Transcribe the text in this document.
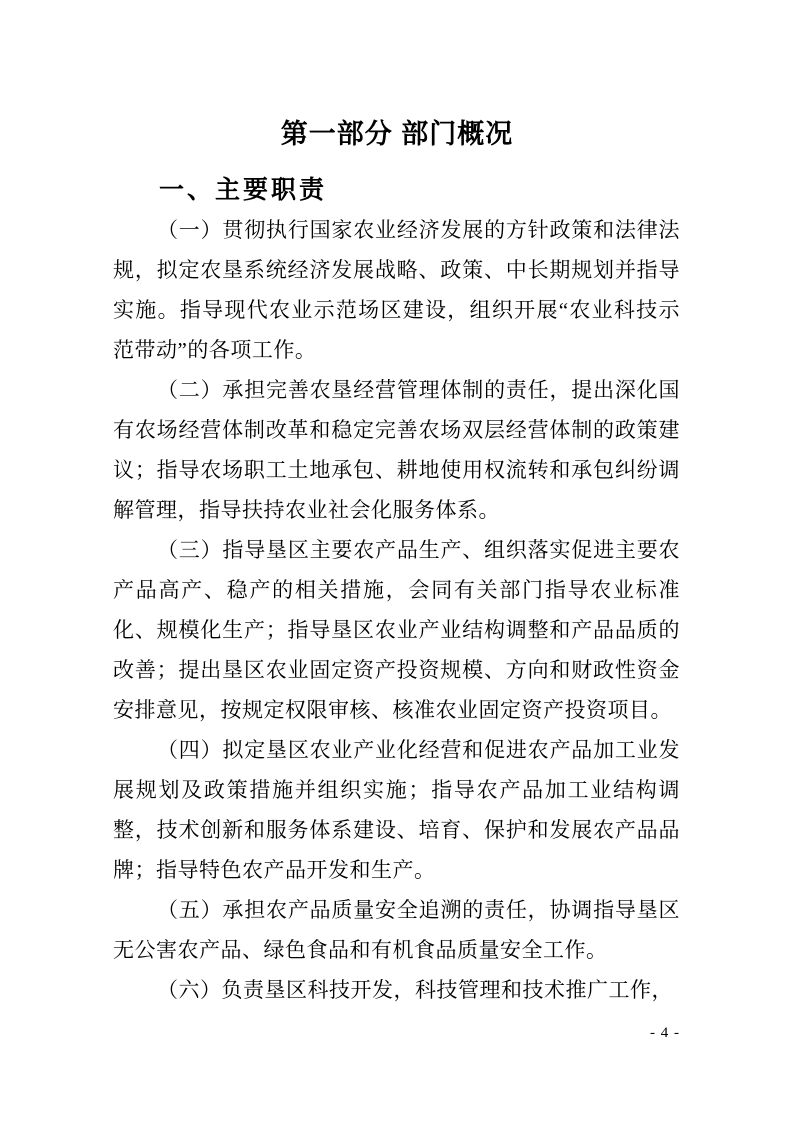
第一部分 部门概况
一、主要职责

（一）贯彻执行国家农业经济发展的方针政策和法律法规，拟定农垦系统经济发展战略、政策、中长期规划并指导实施。指导现代农业示范场区建设，组织开展“农业科技示范带动”的各项工作。

（二）承担完善农垦经营管理体制的责任，提出深化国有农场经营体制改革和稳定完善农场双层经营体制的政策建议；指导农场职工土地承包、耕地使用权流转和承包纠纷调解管理，指导扶持农业社会化服务体系。

（三）指导垦区主要农产品生产、组织落实促进主要农产品高产、稳产的相关措施，会同有关部门指导农业标准化、规模化生产；指导垦区农业产业结构调整和产品品质的改善；提出垦区农业固定资产投资规模、方向和财政性资金安排意见，按规定权限审核、核准农业固定资产投资项目。

（四）拟定垦区农业产业化经营和促进农产品加工业发展规划及政策措施并组织实施；指导农产品加工业结构调整，技术创新和服务体系建设、培育、保护和发展农产品品牌；指导特色农产品开发和生产。

（五）承担农产品质量安全追溯的责任，协调指导垦区无公害农产品、绿色食品和有机食品质量安全工作。

（六）负责垦区科技开发，科技管理和技术推广工作，

- 4 -
